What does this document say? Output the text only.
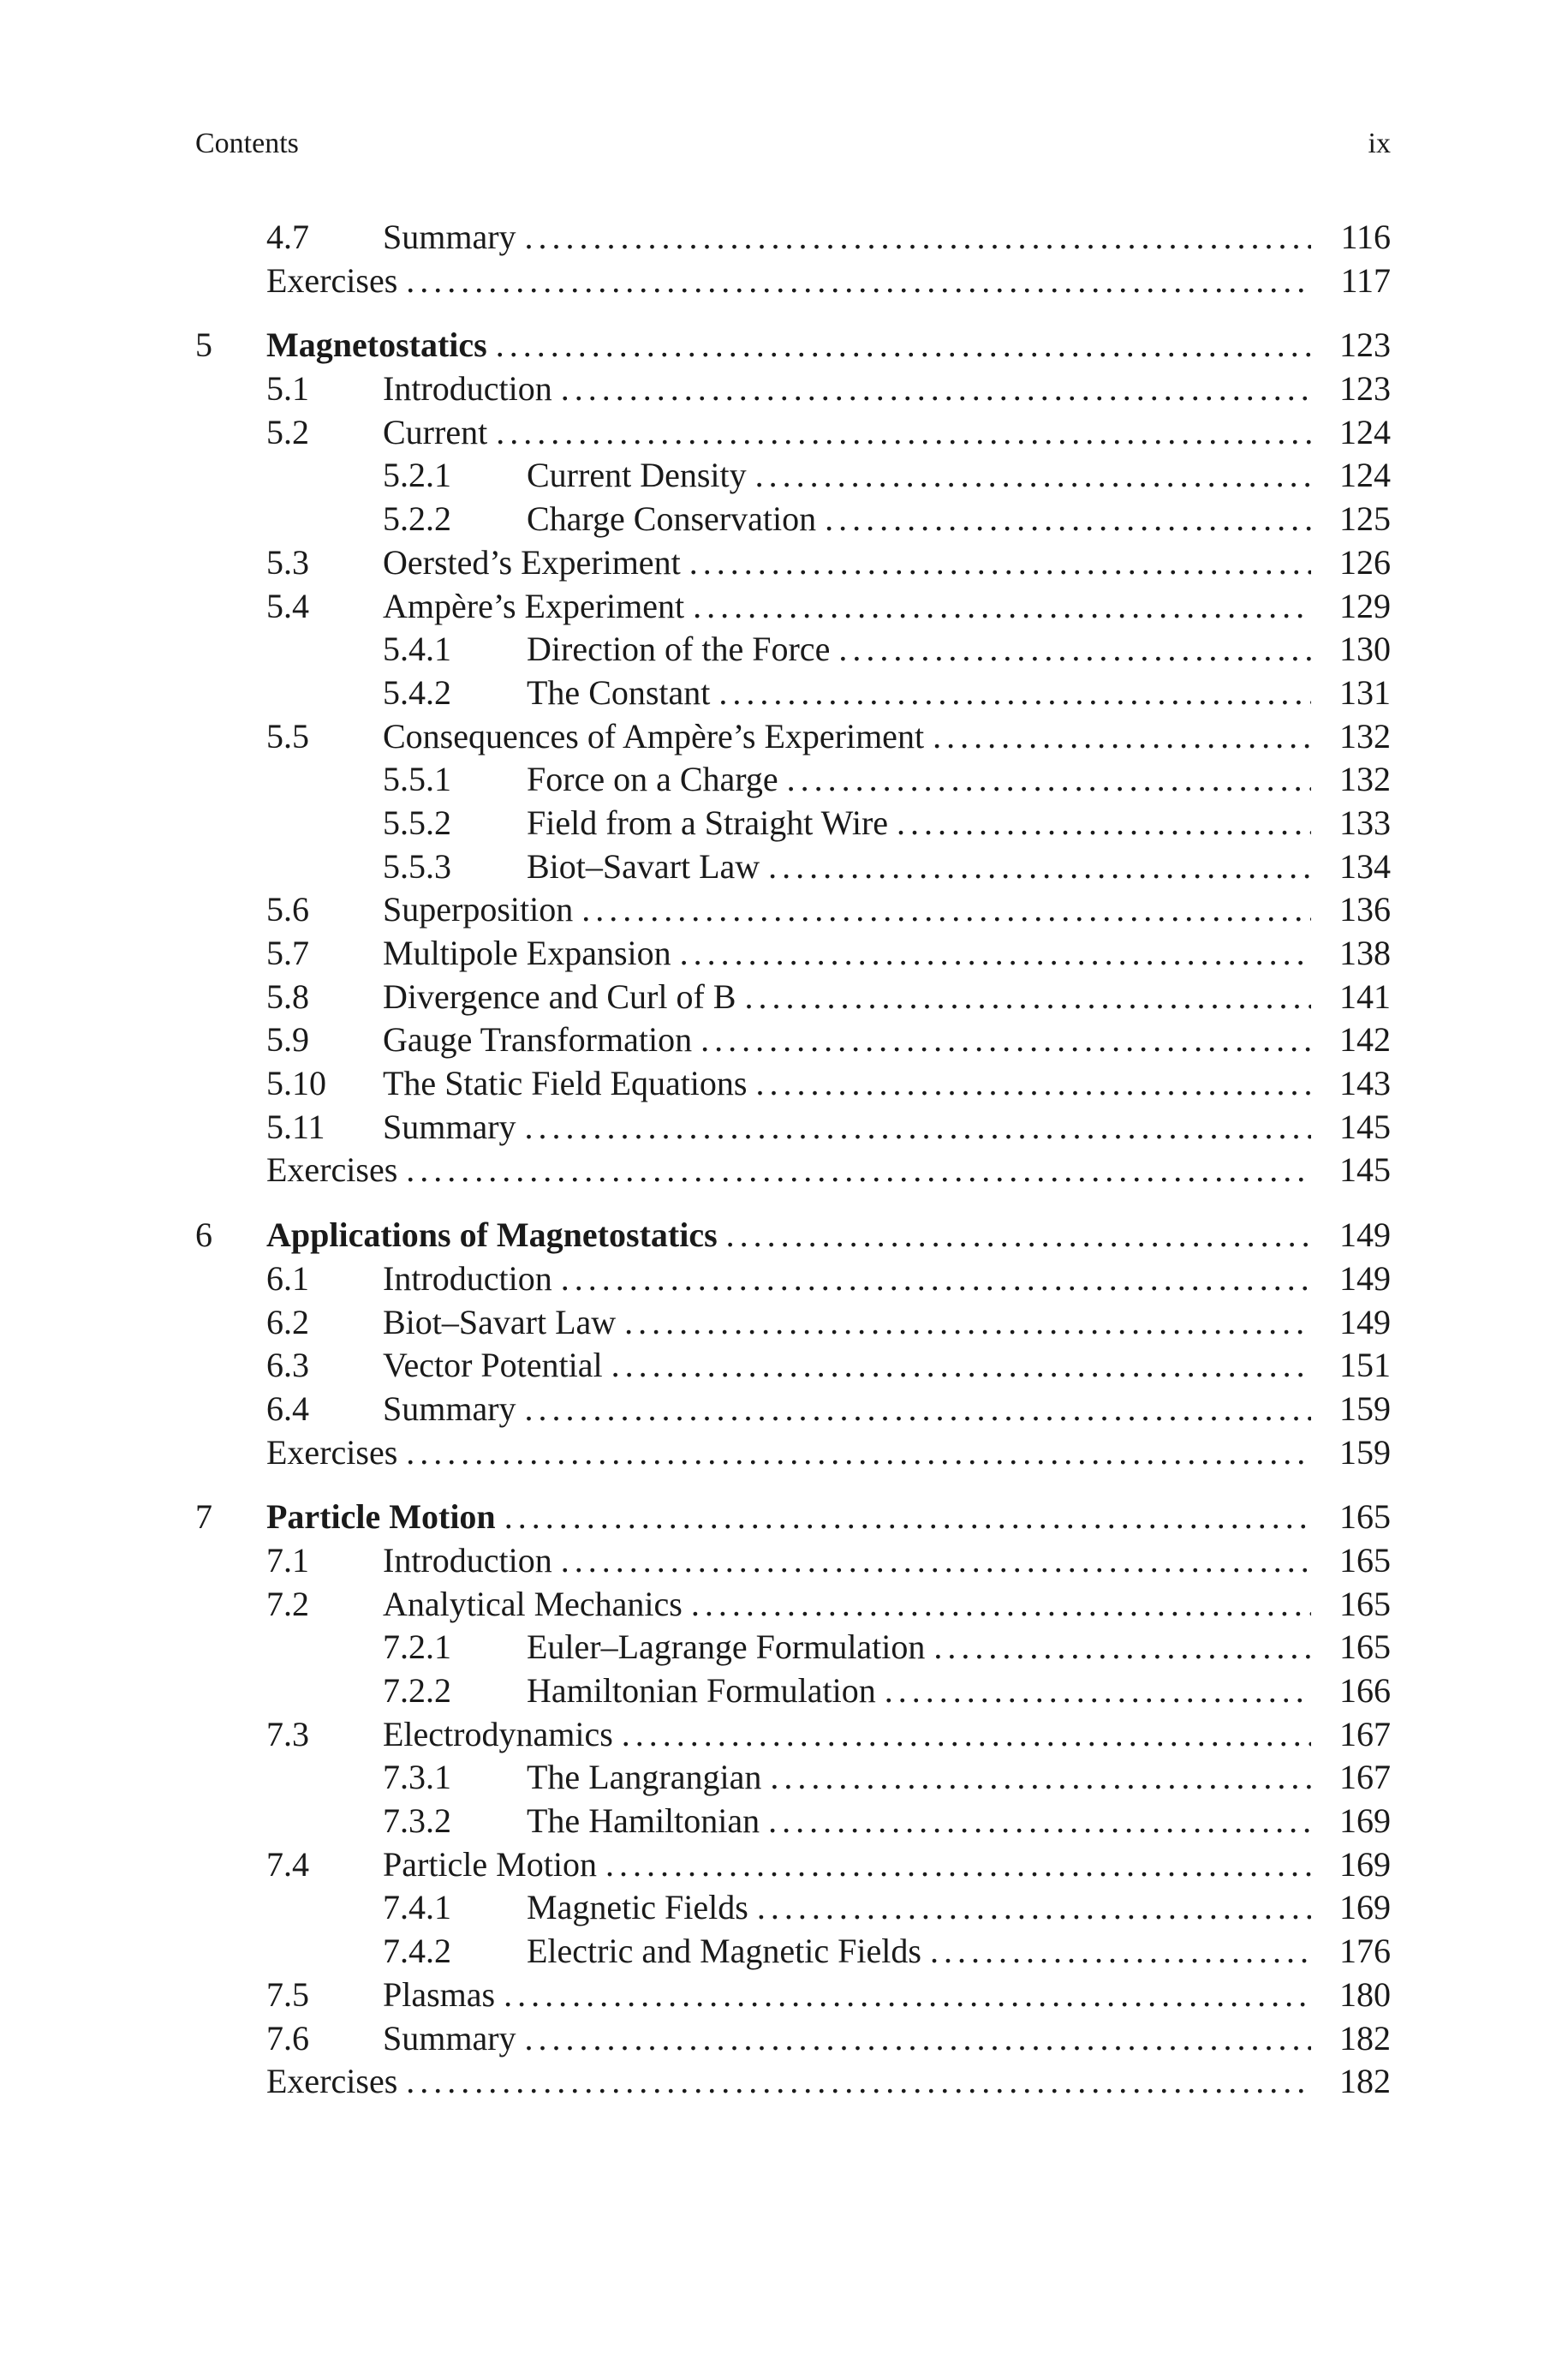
Contents	ix
4.7 Summary . . .	116
Exercises . . .	117
5 Magnetostatics . . .	123
5.1 Introduction . . .	123
5.2 Current . . .	124
5.2.1 Current Density . . .	124
5.2.2 Charge Conservation . . .	125
5.3 Oersted’s Experiment . . .	126
5.4 Ampère’s Experiment . . .	129
5.4.1 Direction of the Force . . .	130
5.4.2 The Constant . . .	131
5.5 Consequences of Ampère’s Experiment . . .	132
5.5.1 Force on a Charge . . .	132
5.5.2 Field from a Straight Wire . . .	133
5.5.3 Biot–Savart Law . . .	134
5.6 Superposition . . .	136
5.7 Multipole Expansion . . .	138
5.8 Divergence and Curl of B . . .	141
5.9 Gauge Transformation . . .	142
5.10 The Static Field Equations . . .	143
5.11 Summary . . .	145
Exercises . . .	145
6 Applications of Magnetostatics . . .	149
6.1 Introduction . . .	149
6.2 Biot–Savart Law . . .	149
6.3 Vector Potential . . .	151
6.4 Summary . . .	159
Exercises . . .	159
7 Particle Motion . . .	165
7.1 Introduction . . .	165
7.2 Analytical Mechanics . . .	165
7.2.1 Euler–Lagrange Formulation . . .	165
7.2.2 Hamiltonian Formulation . . .	166
7.3 Electrodynamics . . .	167
7.3.1 The Langrangian . . .	167
7.3.2 The Hamiltonian . . .	169
7.4 Particle Motion . . .	169
7.4.1 Magnetic Fields . . .	169
7.4.2 Electric and Magnetic Fields . . .	176
7.5 Plasmas . . .	180
7.6 Summary . . .	182
Exercises . . .	182
